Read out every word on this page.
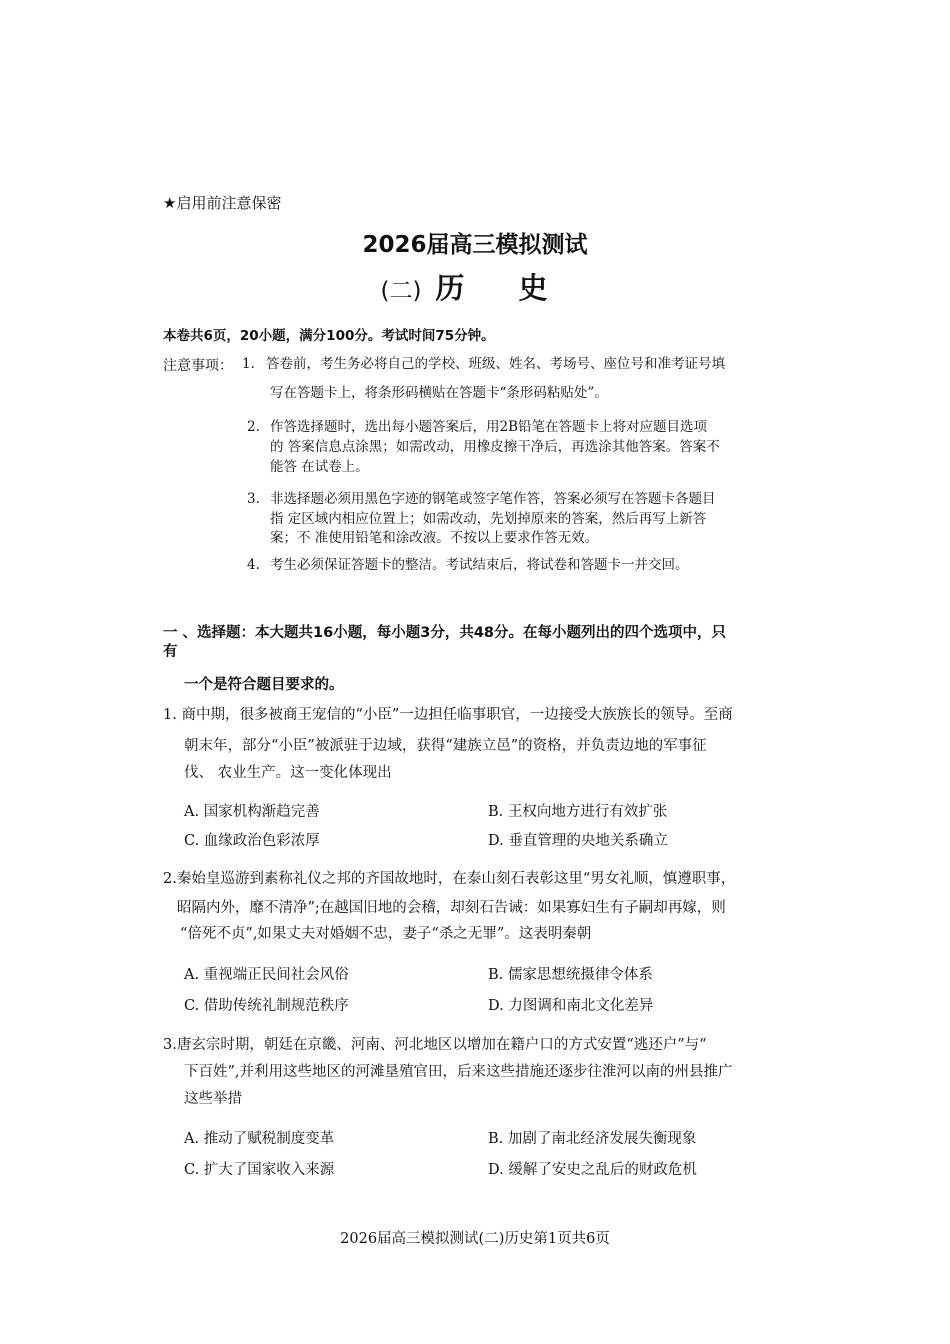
★启用前注意保密
2026届高三模拟测试
(二) 历 史
本卷共6页，20小题，满分100分。考试时间75分钟。
注意事项： 1. 答卷前，考生务必将自己的学校、班级、姓名、考场号、座位号和准考证号填
写在答题卡上，将条形码横贴在答题卡“条形码粘贴处”。
2. 作答选择题时，选出每小题答案后，用2B铅笔在答题卡上将对应题目选项
的 答案信息点涂黑；如需改动，用橡皮擦干净后，再选涂其他答案。答案不
能答 在试卷上。
3. 非选择题必须用黑色字迹的钢笔或签字笔作答，答案必须写在答题卡各题目
指 定区域内相应位置上；如需改动，先划掉原来的答案，然后再写上新答
案；不 准使用铅笔和涂改液。不按以上要求作答无效。
4. 考生必须保证答题卡的整洁。考试结束后，将试卷和答题卡一并交回。
一 、选择题：本大题共16小题，每小题3分，共48分。在每小题列出的四个选项中，只
有
一个是符合题目要求的。
1. 商中期，很多被商王宠信的“小臣”一边担任临事职官，一边接受大族族长的领导。至商
朝末年，部分“小臣”被派驻于边域，获得“建族立邑”的资格，并负责边地的军事征
伐、 农业生产。这一变化体现出
A. 国家机构渐趋完善	B. 王权向地方进行有效扩张
C. 血缘政治色彩浓厚	D. 垂直管理的央地关系确立
2.秦始皇巡游到素称礼仪之邦的齐国故地时，在泰山刻石表彰这里“男女礼顺，慎遵职事，
昭隔内外，靡不清净”;在越国旧地的会稽，却刻石告诫：如果寡妇生有子嗣却再嫁，则
“倍死不贞”,如果丈夫对婚姻不忠，妻子“杀之无罪”。这表明秦朝
A. 重视端正民间社会风俗	B. 儒家思想统摄律令体系
C. 借助传统礼制规范秩序	D. 力图调和南北文化差异
3.唐玄宗时期，朝廷在京畿、河南、河北地区以增加在籍户口的方式安置“逃还户”与“
下百姓”,并利用这些地区的河滩垦殖官田，后来这些措施还逐步往淮河以南的州县推广
这些举措
A. 推动了赋税制度变革	B. 加剧了南北经济发展失衡现象
C. 扩大了国家收入来源	D. 缓解了安史之乱后的财政危机
2026届高三模拟测试(二)历史第1页共6页
